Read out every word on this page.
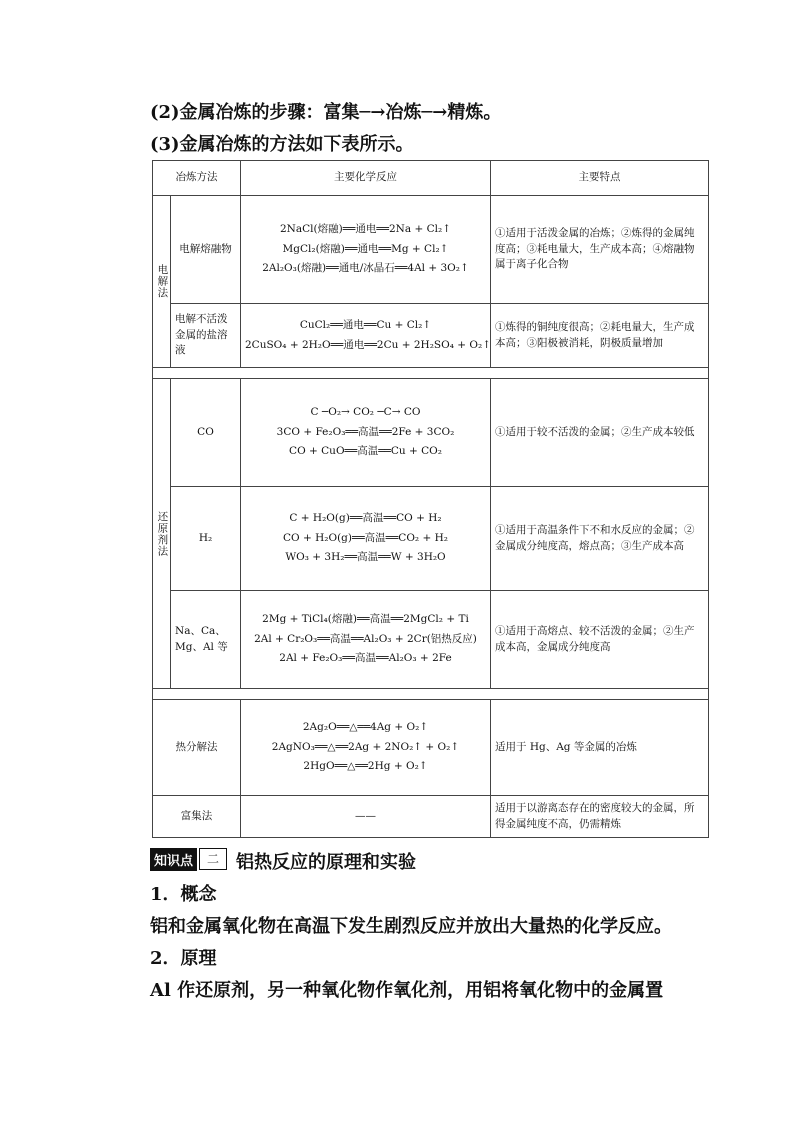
(2)金属冶炼的步骤：富集─→冶炼─→精炼。
(3)金属冶炼的方法如下表所示。
冶炼方法		主要化学反应	主要特点
电解法	电解熔融物	2NaCl(熔融)══通电══2Na + Cl₂↑
MgCl₂(熔融)══通电══Mg + Cl₂↑
2Al₂O₃(熔融)══通电/冰晶石══4Al + 3O₂↑	①适用于活泼金属的冶炼；②炼得的金属纯度高；③耗电量大，生产成本高；④熔融物属于离子化合物
	电解不活泼金属的盐溶液	CuCl₂══通电══Cu + Cl₂↑
2CuSO₄ + 2H₂O══通电══2Cu + 2H₂SO₄ + O₂↑	①炼得的铜纯度很高；②耗电量大，生产成本高；③阳极被消耗，阴极质量增加

还原剂法	CO	C ─O₂→ CO₂ ─C→ CO
3CO + Fe₂O₃══高温══2Fe + 3CO₂
CO + CuO══高温══Cu + CO₂	①适用于较不活泼的金属；②生产成本较低
	H₂	C + H₂O(g)══高温══CO + H₂
CO + H₂O(g)══高温══CO₂ + H₂
WO₃ + 3H₂══高温══W + 3H₂O	①适用于高温条件下不和水反应的金属；②金属成分纯度高，熔点高；③生产成本高
	Na、Ca、Mg、Al 等	2Mg + TiCl₄(熔融)══高温══2MgCl₂ + Ti
2Al + Cr₂O₃══高温══Al₂O₃ + 2Cr(铝热反应)
2Al + Fe₂O₃══高温══Al₂O₃ + 2Fe	①适用于高熔点、较不活泼的金属；②生产成本高，金属成分纯度高

热分解法		2Ag₂O══△══4Ag + O₂↑
2AgNO₃══△══2Ag + 2NO₂↑ + O₂↑
2HgO══△══2Hg + O₂↑	适用于 Hg、Ag 等金属的冶炼
富集法		——	适用于以游离态存在的密度较大的金属，所得金属纯度不高，仍需精炼
知识点	二 铝热反应的原理和实验
1．概念
铝和金属氧化物在高温下发生剧烈反应并放出大量热的化学反应。
2．原理
Al 作还原剂，另一种氧化物作氧化剂，用铝将氧化物中的金属置
